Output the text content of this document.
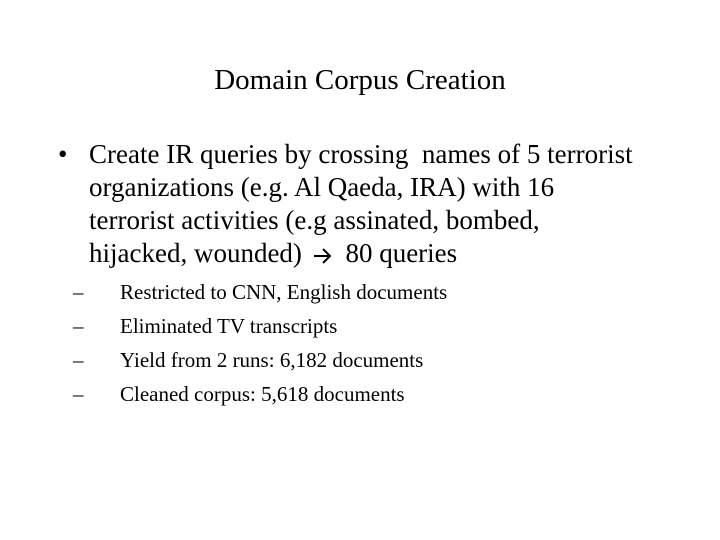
Domain Corpus Creation
• Create IR queries by crossing  names of 5 terrorist
organizations (e.g. Al Qaeda, IRA) with 16
terrorist activities (e.g assinated, bombed,
hijacked, wounded) 80 queries
– Restricted to CNN, English documents
– Eliminated TV transcripts
– Yield from 2 runs: 6,182 documents
– Cleaned corpus: 5,618 documents
